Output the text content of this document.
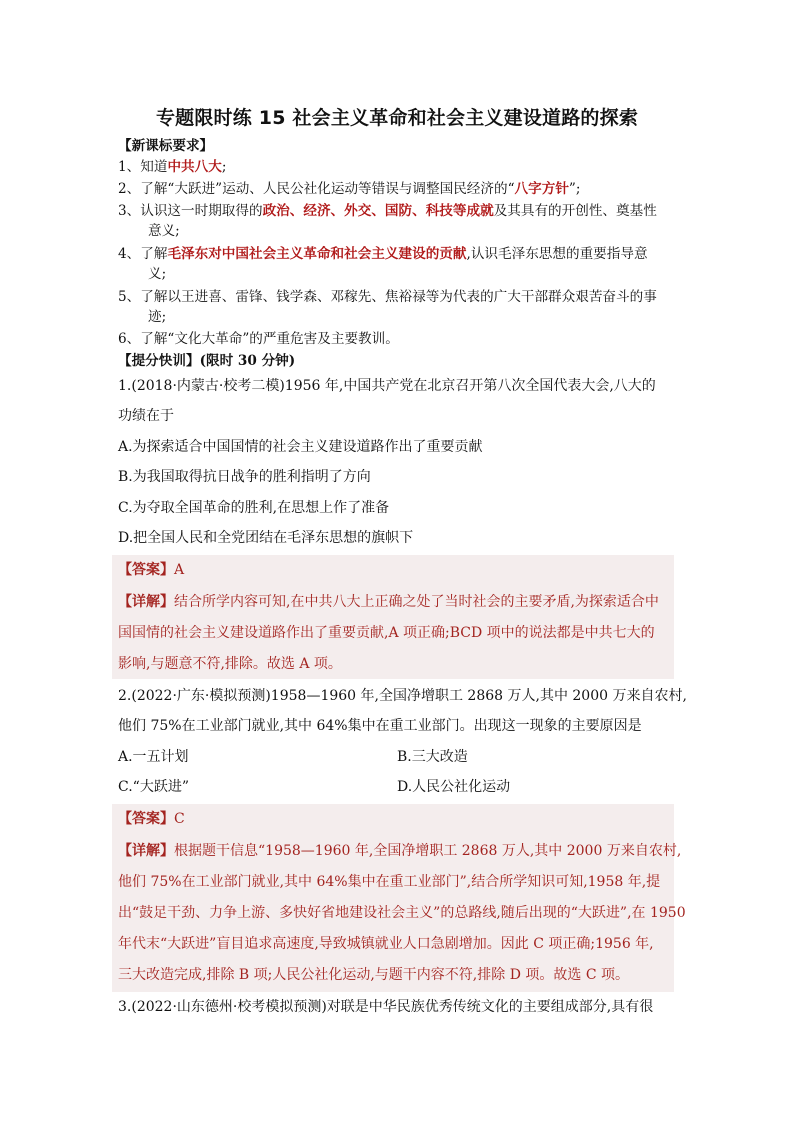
专题限时练 15 社会主义革命和社会主义建设道路的探索
【新课标要求】
1、知道中共八大;
2、了解“大跃进”运动、人民公社化运动等错误与调整国民经济的“八字方针”;
3、认识这一时期取得的政治、经济、外交、国防、科技等成就及其具有的开创性、奠基性
意义;
4、了解毛泽东对中国社会主义革命和社会主义建设的贡献,认识毛泽东思想的重要指导意
义;
5、了解以王进喜、雷锋、钱学森、邓稼先、焦裕禄等为代表的广大干部群众艰苦奋斗的事
迹;
6、了解“文化大革命”的严重危害及主要教训。
【提分快训】(限时 30 分钟)
1.(2018·内蒙古·校考二模)1956 年,中国共产党在北京召开第八次全国代表大会,八大的
功绩在于
A.为探索适合中国国情的社会主义建设道路作出了重要贡献
B.为我国取得抗日战争的胜利指明了方向
C.为夺取全国革命的胜利,在思想上作了准备
D.把全国人民和全党团结在毛泽东思想的旗帜下
【答案】A
【详解】结合所学内容可知,在中共八大上正确之处了当时社会的主要矛盾,为探索适合中
国国情的社会主义建设道路作出了重要贡献,A 项正确;BCD 项中的说法都是中共七大的
影响,与题意不符,排除。故选 A 项。
2.(2022·广东·模拟预测)1958—1960 年,全国净增职工 2868 万人,其中 2000 万来自农村,
他们 75%在工业部门就业,其中 64%集中在重工业部门。出现这一现象的主要原因是
A.一五计划	B.三大改造
C.“大跃进”	D.人民公社化运动
【答案】C
【详解】根据题干信息“1958—1960 年,全国净增职工 2868 万人,其中 2000 万来自农村,
他们 75%在工业部门就业,其中 64%集中在重工业部门”,结合所学知识可知,1958 年,提
出“鼓足干劲、力争上游、多快好省地建设社会主义”的总路线,随后出现的“大跃进”,在 1950
年代末“大跃进”盲目追求高速度,导致城镇就业人口急剧增加。因此 C 项正确;1956 年,
三大改造完成,排除 B 项;人民公社化运动,与题干内容不符,排除 D 项。故选 C 项。
3.(2022·山东德州·校考模拟预测)对联是中华民族优秀传统文化的主要组成部分,具有很
